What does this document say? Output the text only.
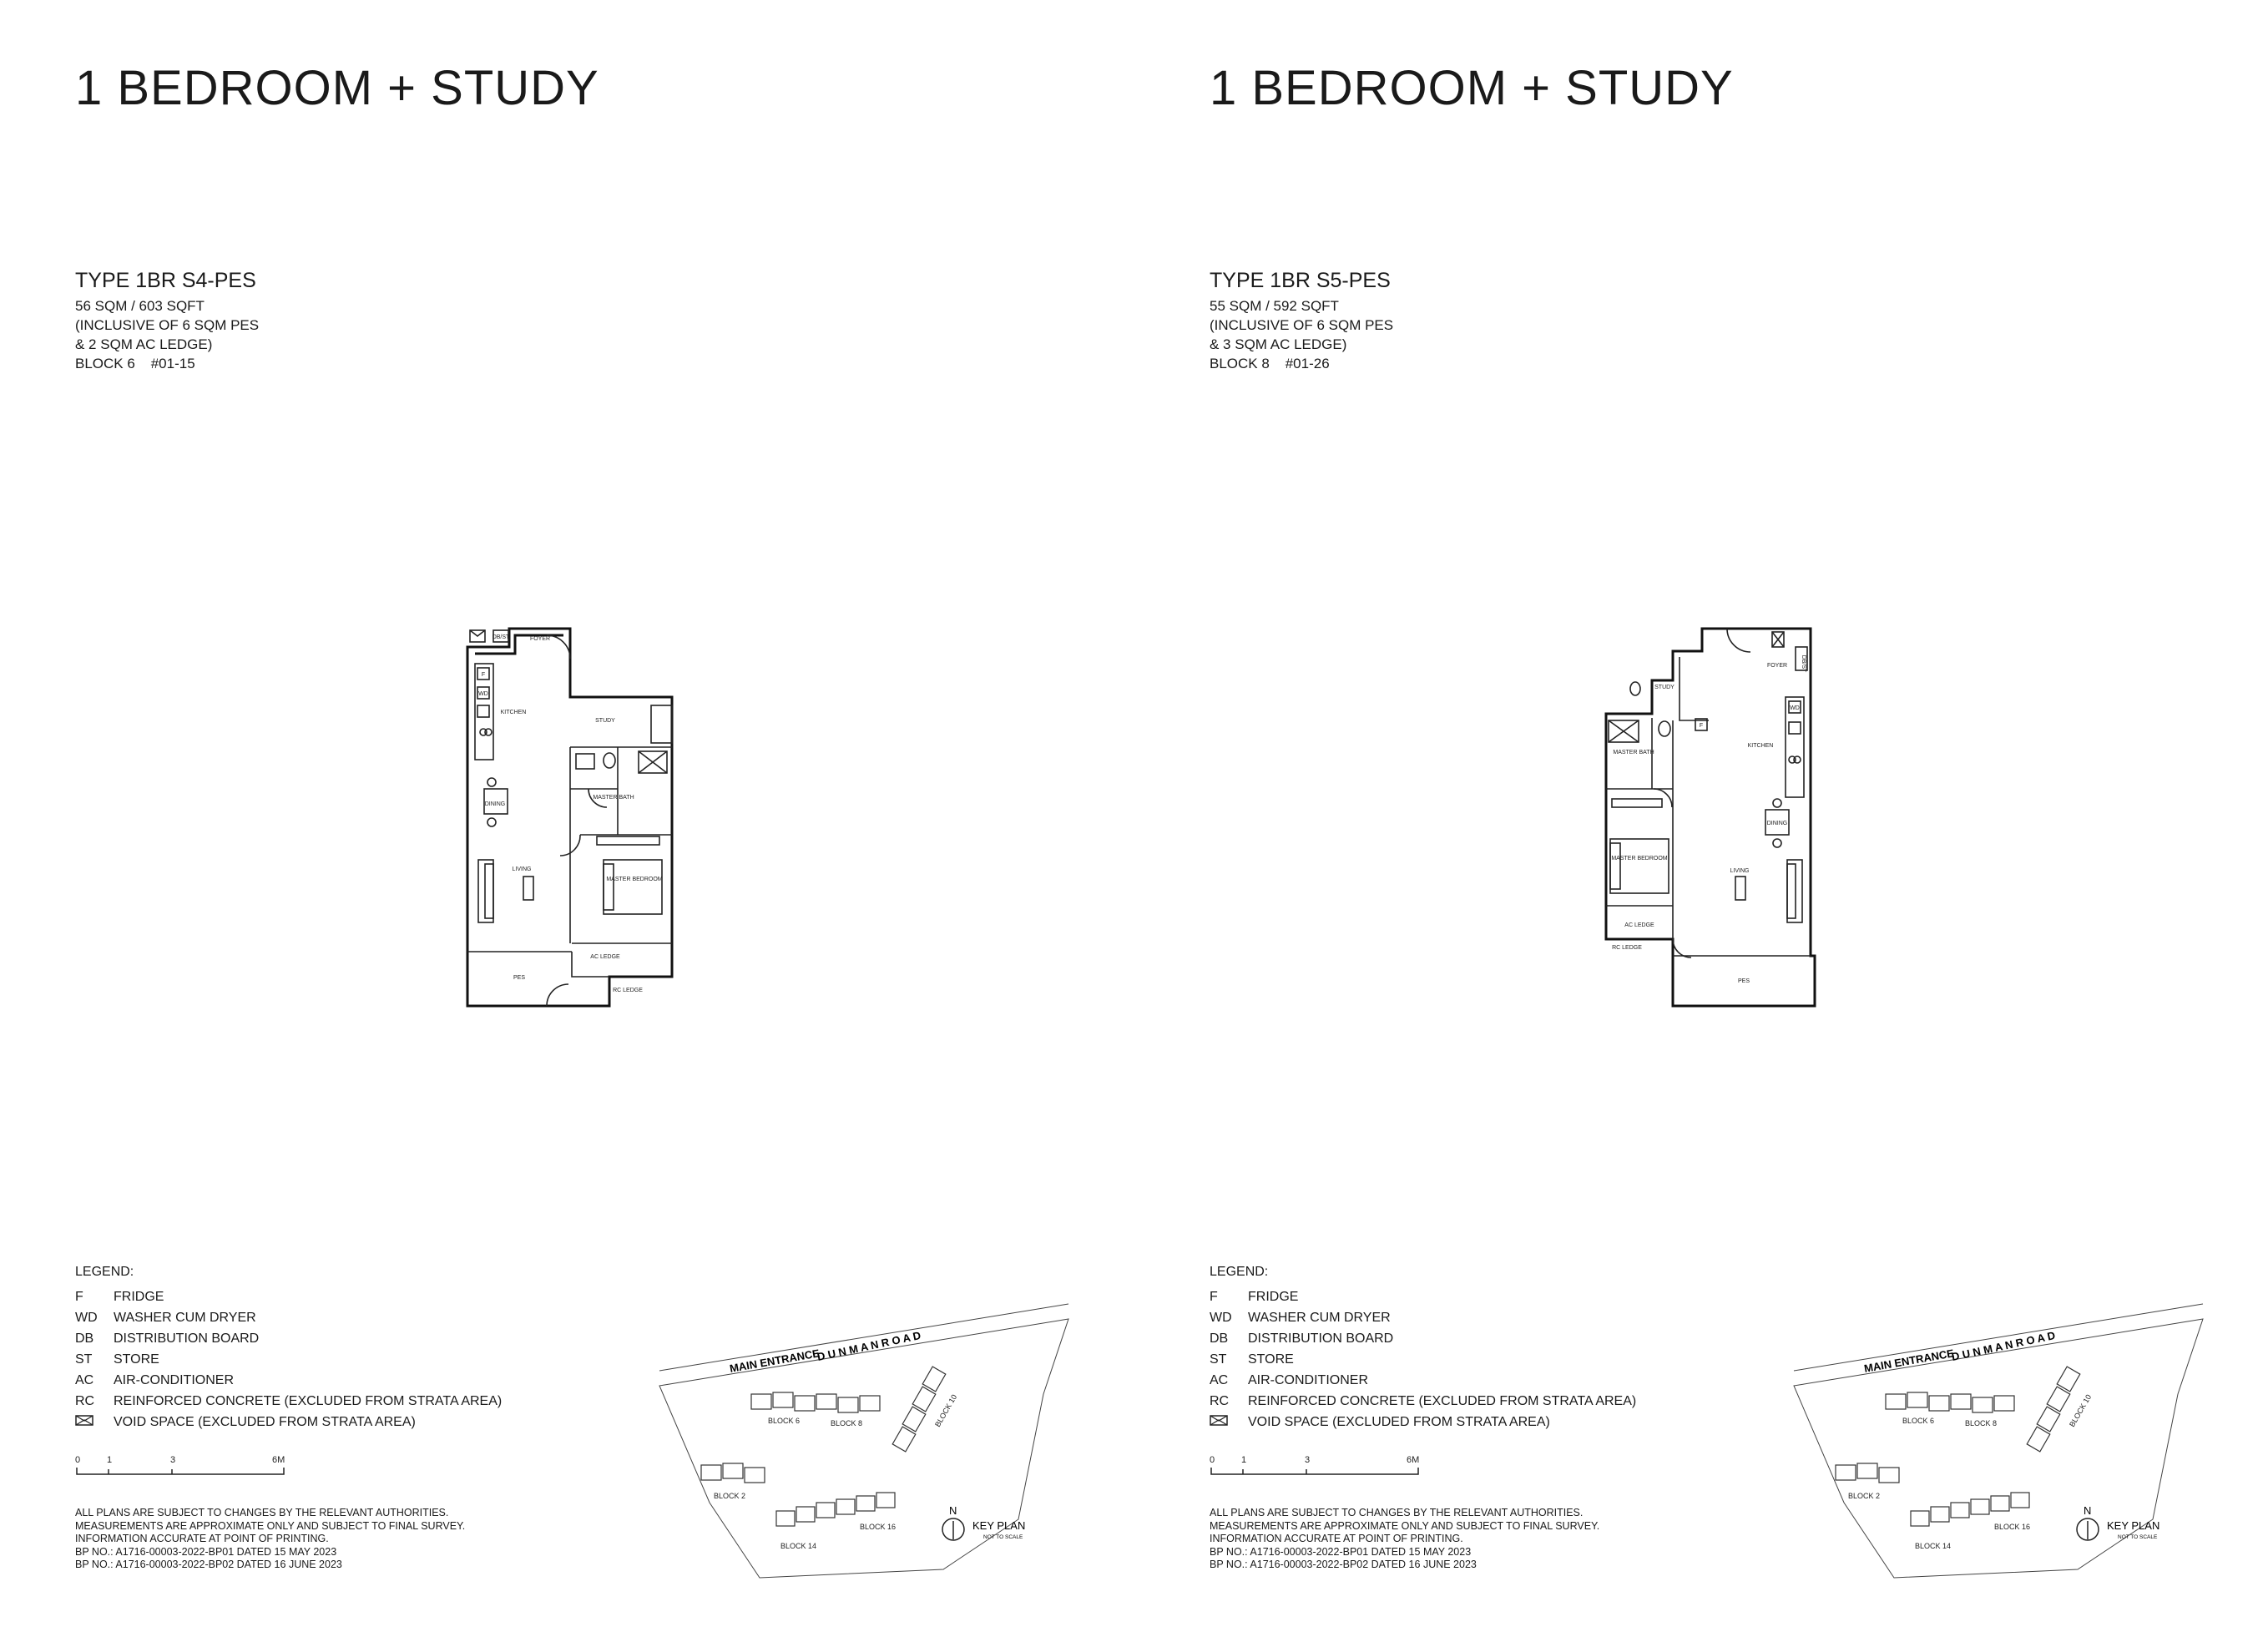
1 BEDROOM + STUDY
TYPE 1BR S4-PES
56 SQM / 603 SQFT
(INCLUSIVE OF 6 SQM PES
& 2 SQM AC LEDGE)
BLOCK 6 #01-15
DB/ST	FOYER
F
WD
KITCHEN
STUDY
MASTER BATH
DINING
LIVING
MASTER BEDROOM
PES
AC LEDGE
RC LEDGE
LEGEND:
F	FRIDGE
WD	WASHER CUM DRYER
DB	DISTRIBUTION BOARD
ST	STORE
AC	AIR-CONDITIONER
RC	REINFORCED CONCRETE (EXCLUDED FROM STRATA AREA)
VOID SPACE (EXCLUDED FROM STRATA AREA)
0	1	3	6M
ALL PLANS ARE SUBJECT TO CHANGES BY THE RELEVANT AUTHORITIES.
MEASUREMENTS ARE APPROXIMATE ONLY AND SUBJECT TO FINAL SURVEY.
INFORMATION ACCURATE AT POINT OF PRINTING.
BP NO.: A1716-00003-2022-BP01 DATED 15 MAY 2023
BP NO.: A1716-00003-2022-BP02 DATED 16 JUNE 2023
MAIN ENTRANCE
D U N M A N R O A D
BLOCK 6	BLOCK 8	BLOCK 10
BLOCK 2
BLOCK 14
BLOCK 16
N
KEY PLAN
NOT TO SCALE
1 BEDROOM + STUDY
TYPE 1BR S5-PES
55 SQM / 592 SQFT
(INCLUSIVE OF 6 SQM PES
& 3 SQM AC LEDGE)
BLOCK 8 #01-26
FOYER DB/ST
STUDY
F
WD
KITCHEN
MASTER BATH
DINING
MASTER BEDROOM
LIVING
AC LEDGE
RC LEDGE
PES
LEGEND:
F	FRIDGE
WD	WASHER CUM DRYER
DB	DISTRIBUTION BOARD
ST	STORE
AC	AIR-CONDITIONER
RC	REINFORCED CONCRETE (EXCLUDED FROM STRATA AREA)
VOID SPACE (EXCLUDED FROM STRATA AREA)
0	1	3	6M
ALL PLANS ARE SUBJECT TO CHANGES BY THE RELEVANT AUTHORITIES.
MEASUREMENTS ARE APPROXIMATE ONLY AND SUBJECT TO FINAL SURVEY.
INFORMATION ACCURATE AT POINT OF PRINTING.
BP NO.: A1716-00003-2022-BP01 DATED 15 MAY 2023
BP NO.: A1716-00003-2022-BP02 DATED 16 JUNE 2023
MAIN ENTRANCE
D U N M A N R O A D
BLOCK 6	BLOCK 8	BLOCK 10
BLOCK 2
BLOCK 14
BLOCK 16
N
KEY PLAN
NOT TO SCALE
